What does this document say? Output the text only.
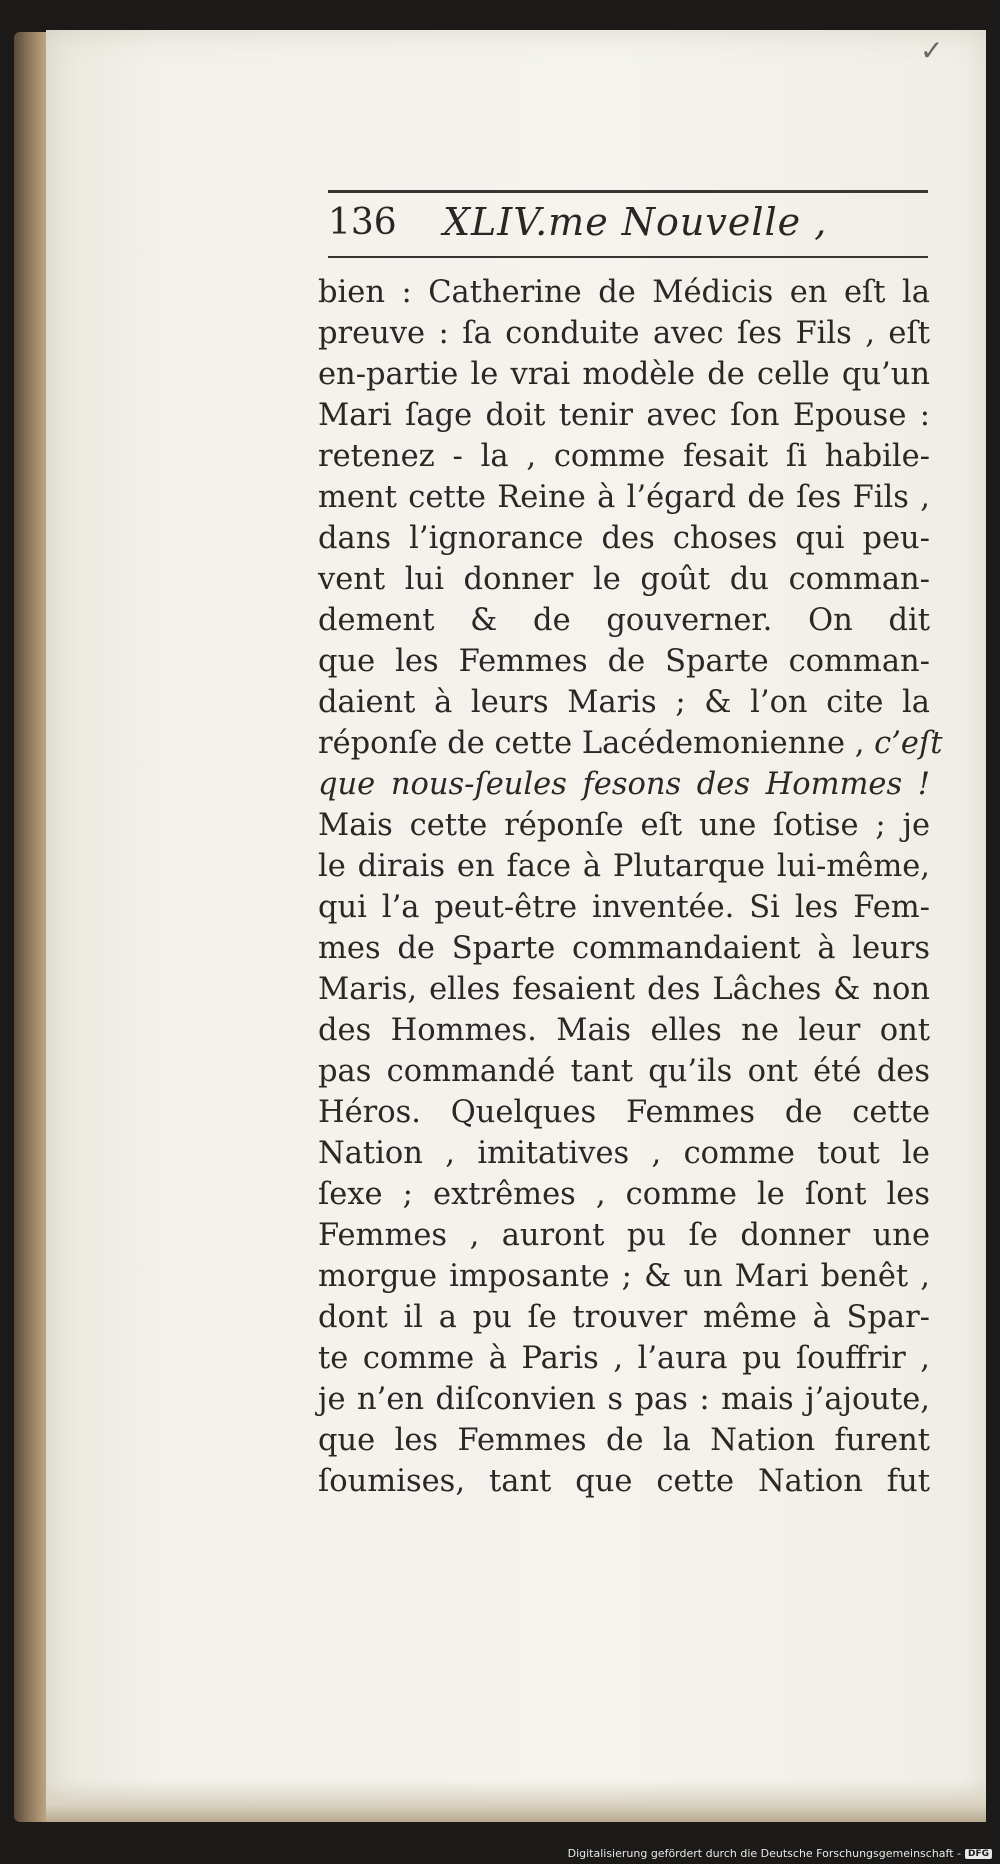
✓
136 XLIV.me Nouvelle ,
bien : Catherine de Médicis en eſt la
preuve : ſa conduite avec ſes Fils , eſt
en-partie le vrai modèle de celle qu’un
Mari ſage doit tenir avec ſon Epouse :
retenez - la , comme fesait ſi habile-
ment cette Reine à l’égard de ſes Fils ,
dans l’ignorance des choses qui peu-
vent lui donner le goût du comman-
dement & de gouverner. On dit
que les Femmes de Sparte comman-
daient à leurs Maris ; & l’on cite la
réponſe de cette Lacédemonienne , c’eſt
que nous-ſeules fesons des Hommes !
Mais cette réponſe eſt une ſotise ; je
le dirais en face à Plutarque lui-même,
qui l’a peut-être inventée. Si les Fem-
mes de Sparte commandaient à leurs
Maris, elles fesaient des Lâches & non
des Hommes. Mais elles ne leur ont
pas commandé tant qu’ils ont été des
Héros. Quelques Femmes de cette
Nation , imitatives , comme tout le
ſexe ; extrêmes , comme le ſont les
Femmes , auront pu ſe donner une
morgue imposante ; & un Mari benêt ,
dont il a pu ſe trouver même à Spar-
te comme à Paris , l’aura pu ſouffrir ,
je n’en diſconvien s pas : mais j’ajoute,
que les Femmes de la Nation furent
ſoumises, tant que cette Nation fut
Digitalisierung gefördert durch die Deutsche Forschungsgemeinschaft - DFG
